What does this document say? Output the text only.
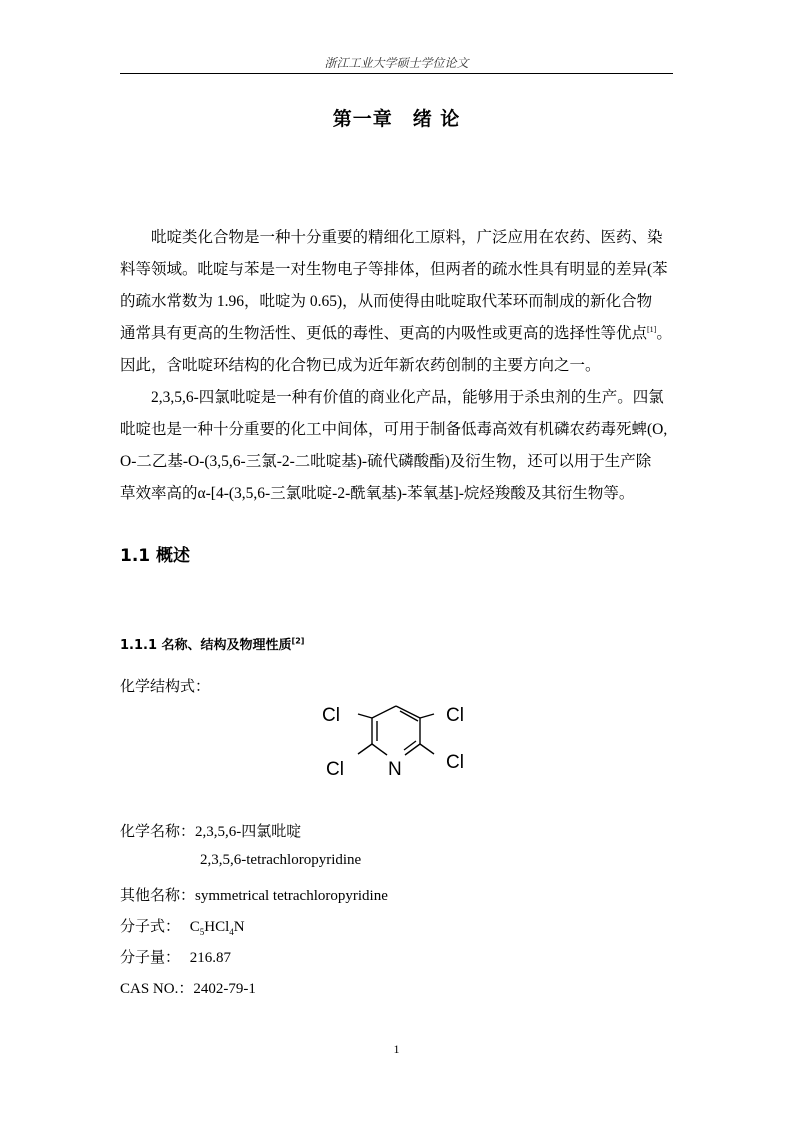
浙江工业大学硕士学位论文
第一章　绪 论
吡啶类化合物是一种十分重要的精细化工原料，广泛应用在农药、医药、染
料等领域。吡啶与苯是一对生物电子等排体，但两者的疏水性具有明显的差异(苯
的疏水常数为 1.96，吡啶为 0.65)，从而使得由吡啶取代苯环而制成的新化合物
通常具有更高的生物活性、更低的毒性、更高的内吸性或更高的选择性等优点[1]。
因此，含吡啶环结构的化合物已成为近年新农药创制的主要方向之一。
2,3,5,6-四氯吡啶是一种有价值的商业化产品，能够用于杀虫剂的生产。四氯
吡啶也是一种十分重要的化工中间体，可用于制备低毒高效有机磷农药毒死蜱(O,
O-二乙基-O-(3,5,6-三氯-2-二吡啶基)-硫代磷酸酯)及衍生物，还可以用于生产除
草效率高的α-[4-(3,5,6-三氯吡啶-2-酰氧基)-苯氧基]-烷烃羧酸及其衍生物等。
1.1 概述
1.1.1 名称、结构及物理性质[2]
化学结构式：
Cl	Cl
Cl N Cl
化学名称：2,3,5,6-四氯吡啶
2,3,5,6-tetrachloropyridine
其他名称：symmetrical tetrachloropyridine
分子式： $C_5HCl_4N$
分子量： 216.87
CAS NO.：2402-79-1
1
